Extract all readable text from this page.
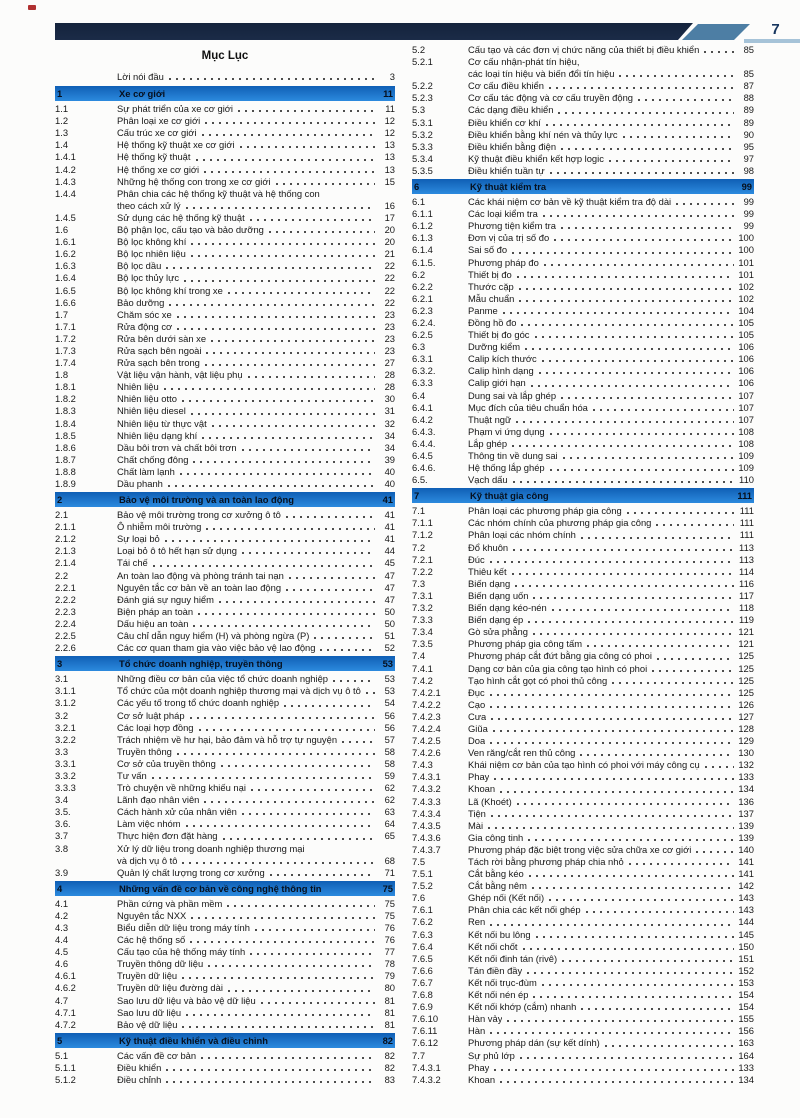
7
Mục Lục
Lời nói đầu	3
1	Xe cơ giới	11
1.1	Sự phát triển của xe cơ giới	11
1.2	Phân loại xe cơ giới	12
1.3	Cấu trúc xe cơ giới	12
1.4	Hệ thống kỹ thuật xe cơ giới	13
1.4.1	Hệ thống kỹ thuật	13
1.4.2	Hệ thống xe cơ giới	13
1.4.3	Những hệ thống con trong xe cơ giới	15
1.4.4	Phân chia các hệ thống kỹ thuật và hệ thống con
theo cách xử lý	16
1.4.5	Sử dụng các hệ thống kỹ thuật	17
1.6	Bộ phận lọc, cấu tạo và bảo dưỡng	20
1.6.1	Bộ lọc không khí	20
1.6.2	Bộ lọc nhiên liệu	21
1.6.3	Bộ lọc dầu	22
1.6.4	Bộ lọc thủy lực	22
1.6.5	Bộ lọc không khí trong xe	22
1.6.6	Bảo dưỡng	22
1.7	Chăm sóc xe	23
1.7.1	Rửa động cơ	23
1.7.2	Rửa bên dưới sàn xe	23
1.7.3	Rửa sạch bên ngoài	23
1.7.4	Rửa sạch bên trong	27
1.8	Vật liệu vận hành, vật liệu phụ	28
1.8.1	Nhiên liệu	28
1.8.2	Nhiên liệu otto	30
1.8.3	Nhiên liệu diesel	31
1.8.4	Nhiên liệu từ thực vật	32
1.8.5	Nhiên liệu dạng khí	34
1.8.6	Dầu bôi trơn và chất bôi trơn	34
1.8.7	Chất chống đông	39
1.8.8	Chất làm lạnh	40
1.8.9	Dầu phanh	40
2	Bảo vệ môi trường và an toàn lao động	41
2.1	Bảo vệ môi trường trong cơ xưởng ô tô	41
2.1.1	Ô nhiễm môi trường	41
2.1.2	Sự loại bỏ	41
2.1.3	Loại bỏ ô tô hết hạn sử dụng	44
2.1.4	Tái chế	45
2.2	An toàn lao động và phòng tránh tai nạn	47
2.2.1	Nguyên tắc cơ bản về an toàn lao động	47
2.2.2	Đánh giá sự nguy hiểm	47
2.2.3	Biện pháp an toàn	50
2.2.4	Dấu hiệu an toàn	50
2.2.5	Câu chỉ dẫn nguy hiểm (H) và phòng ngừa (P)	51
2.2.6	Các cơ quan tham gia vào việc bảo vệ lao động	52
3	Tổ chức doanh nghiệp, truyền thông	53
3.1	Những điều cơ bản của việc tổ chức doanh nghiệp	53
3.1.1	Tổ chức của một doanh nghiệp thương mại và dịch vụ ô tô	53
3.1.2	Các yếu tố trong tổ chức doanh nghiệp	54
3.2	Cơ sở luật pháp	56
3.2.1	Các loại hợp đồng	56
3.2.2	Trách nhiệm về hư hại, bảo đảm và hỗ trợ tự nguyện	57
3.3	Truyền thông	58
3.3.1	Cơ sở của truyền thông	58
3.3.2	Tư vấn	59
3.3.3	Trò chuyện về những khiếu nại	62
3.4	Lãnh đạo nhân viên	62
3.5.	Cách hành xử của nhân viên	63
3.6.	Làm việc nhóm	64
3.7	Thực hiện đơn đặt hàng	65
3.8	Xử lý dữ liệu trong doanh nghiệp thương mại
và dịch vụ ô tô	68
3.9	Quản lý chất lượng trong cơ xưởng	71
4	Những vấn đề cơ bản về công nghệ thông tin	75
4.1	Phần cứng và phần mềm	75
4.2	Nguyên tắc NXX	75
4.3	Biểu diễn dữ liệu trong máy tính	76
4.4	Các hệ thống số	76
4.5	Cấu tạo của hệ thống máy tính	77
4.6	Truyền thông dữ liệu	78
4.6.1	Truyền dữ liệu	79
4.6.2	Truyền dữ liệu đường dài	80
4.7	Sao lưu dữ liệu và bảo vệ dữ liệu	81
4.7.1	Sao lưu dữ liệu	81
4.7.2	Bảo vệ dữ liệu	81
5	Kỹ thuật điều khiển và điều chỉnh	82
5.1	Các vấn đề cơ bản	82
5.1.1	Điều khiển	82
5.1.2	Điều chỉnh	83
5.2	Cấu tạo và các đơn vị chức năng của thiết bị điều khiển	85
5.2.1	Cơ cấu nhận-phát tín hiệu,
các loại tín hiệu và biến đổi tín hiệu	85
5.2.2	Cơ cấu điều khiển	87
5.2.3	Cơ cấu tác động và cơ cấu truyền động	88
5.3	Các dạng điều khiển	89
5.3.1	Điều khiển cơ khí	89
5.3.2	Điều khiển bằng khí nén và thủy lực	90
5.3.3	Điều khiển bằng điện	95
5.3.4	Kỹ thuật điều khiển kết hợp logic	97
5.3.5	Điều khiển tuần tự	98
6	Kỹ thuật kiểm tra	99
6.1	Các khái niệm cơ bản về kỹ thuật kiểm tra độ dài	99
6.1.1	Các loại kiểm tra	99
6.1.2	Phương tiện kiểm tra	99
6.1.3	Đơn vị của trị số đo	100
6.1.4	Sai số đo	100
6.1.5.	Phương pháp đo	101
6.2	Thiết bị đo	101
6.2.2	Thước cặp	102
6.2.1	Mẫu chuẩn	102
6.2.3	Panme	104
6.2.4.	Đồng hồ đo	105
6.2.5	Thiết bị đo góc	105
6.3	Dưỡng kiểm	106
6.3.1	Calip kích thước	106
6.3.2.	Calip hình dạng	106
6.3.3	Calip giới hạn	106
6.4	Dung sai và lắp ghép	107
6.4.1	Mục đích của tiêu chuẩn hóa	107
6.4.2	Thuật ngữ	107
6.4.3.	Phạm vi ứng dụng	108
6.4.4.	Lắp ghép	108
6.4.5	Thông tin về dung sai	109
6.4.6.	Hệ thống lắp ghép	109
6.5.	Vạch dấu	110
7	Kỹ thuật gia công	111
7.1	Phân loại các phương pháp gia công	111
7.1.1	Các nhóm chính của phương pháp gia công	111
7.1.2	Phân loại các nhóm chính	111
7.2	Đổ khuôn	113
7.2.1	Đúc	113
7.2.2	Thiêu kết	114
7.3	Biến dạng	116
7.3.1	Biến dạng uốn	117
7.3.2	Biến dạng kéo-nén	118
7.3.3	Biến dạng ép	119
7.3.4	Gò sửa phẳng	121
7.3.5	Phương pháp gia công tấm	121
7.4	Phương pháp cắt đứt bằng gia công có phoi	125
7.4.1	Dạng cơ bản của gia công tạo hình có phoi	125
7.4.2	Tạo hình cắt gọt có phoi thủ công	125
7.4.2.1	Đục	125
7.4.2.2	Cạo	126
7.4.2.3	Cưa	127
7.4.2.4	Giũa	128
7.4.2.5	Doa	129
7.4.2.6	Ven răng/cắt ren thủ công	130
7.4.3	Khái niệm cơ bản của tạo hình có phoi với máy công cụ	132
7.4.3.1	Phay	133
7.4.3.2	Khoan	134
7.4.3.3	Lã (Khoét)	136
7.4.3.4	Tiện	137
7.4.3.5	Mài	139
7.4.3.6	Gia công tinh	139
7.4.3.7	Phương pháp đặc biệt trong việc sửa chữa xe cơ giới	140
7.5	Tách rời bằng phương pháp chia nhỏ	141
7.5.1	Cắt bằng kéo	141
7.5.2	Cắt bằng nêm	142
7.6	Ghép nối (Kết nối)	143
7.6.1	Phân chia các kết nối ghép	143
7.6.2	Ren	144
7.6.3	Kết nối bu lông	145
7.6.4	Kết nối chốt	150
7.6.5	Kết nối đinh tán (rivê)	151
7.6.6	Tán điền đầy	152
7.6.7	Kết nối trục-đùm	153
7.6.8	Kết nối nén ép	154
7.6.9	Kết nối khớp (cắm) nhanh	154
7.6.10	Hàn vảy	155
7.6.11	Hàn	156
7.6.12	Phương pháp dán (sự kết dính)	163
7.7	Sự phủ lớp	164
7.4.3.1	Phay	133
7.4.3.2	Khoan	134
